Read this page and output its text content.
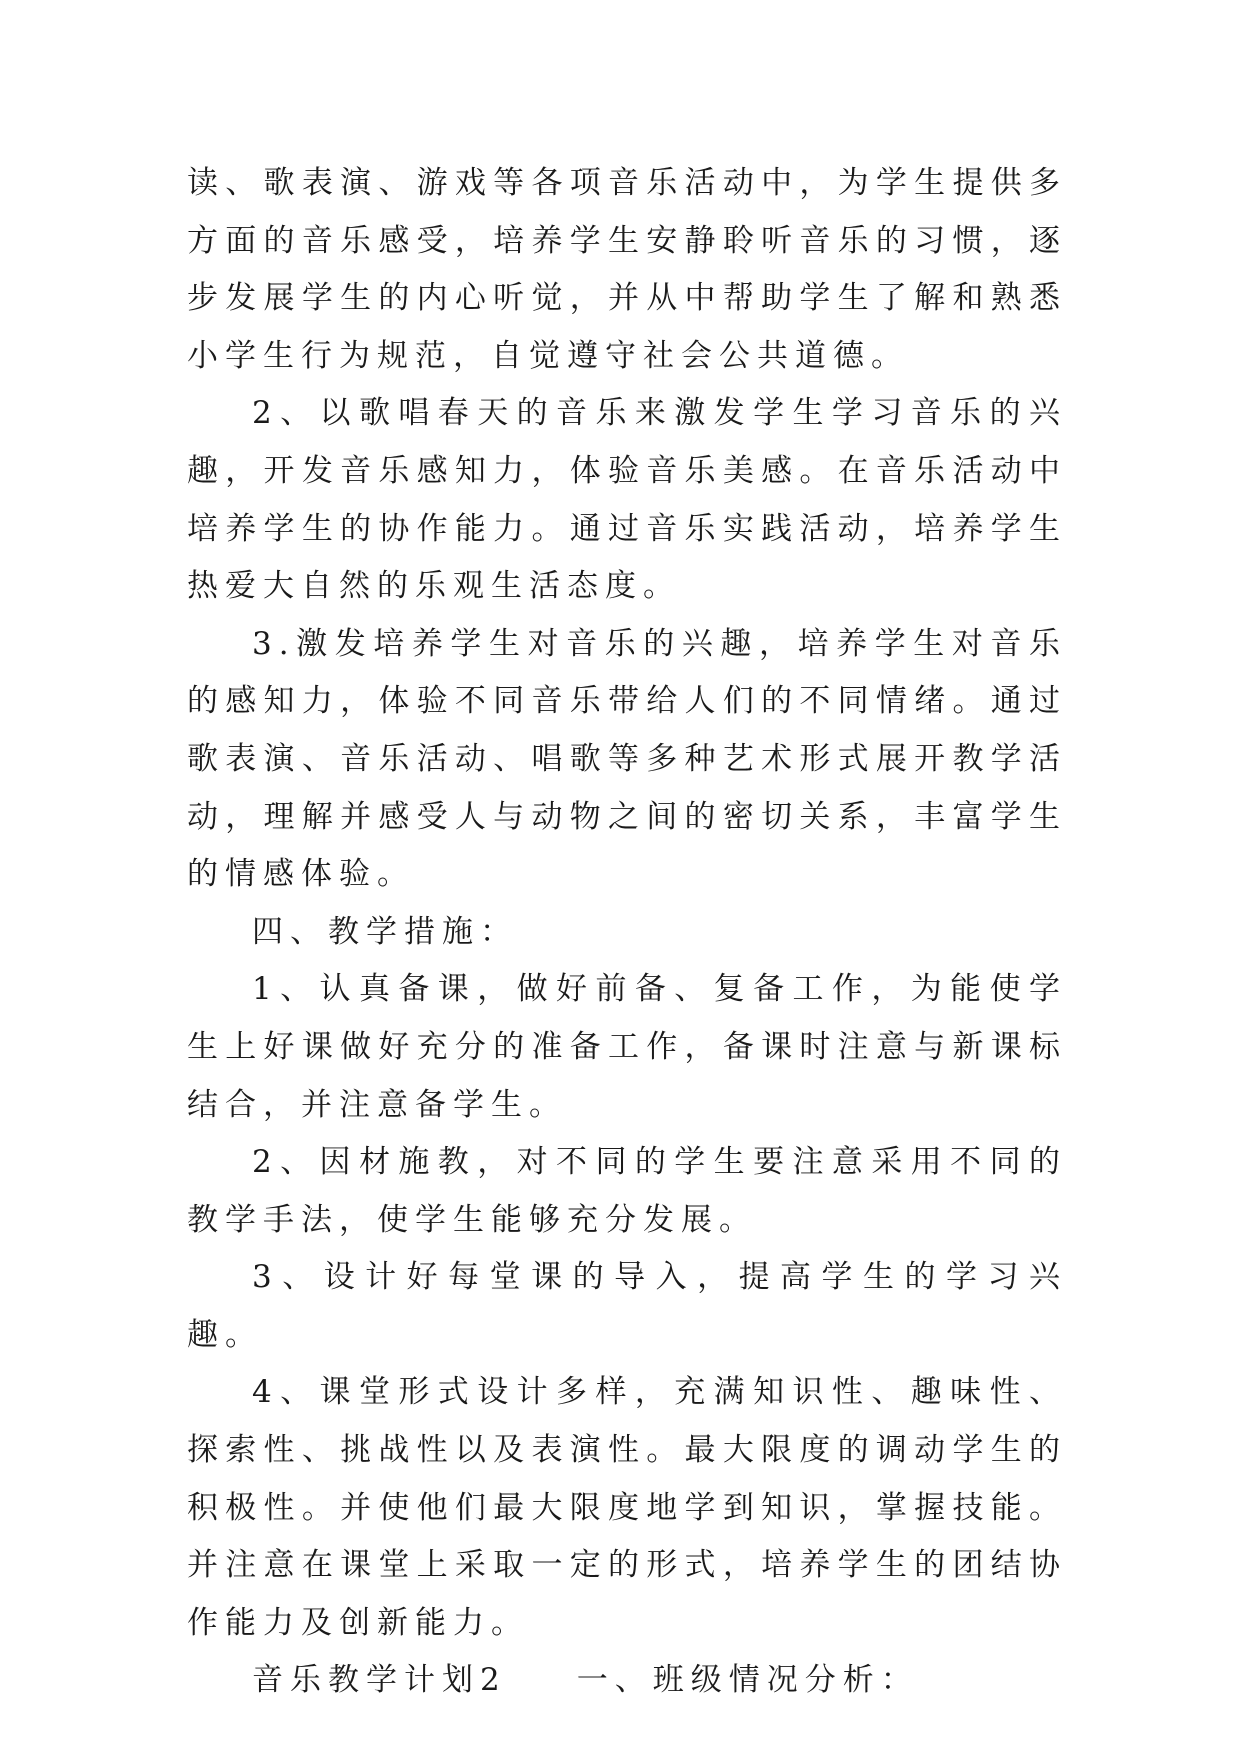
读、歌表演、游戏等各项音乐活动中，为学生提供多方面的音乐感受，培养学生安静聆听音乐的习惯，逐步发展学生的内心听觉，并从中帮助学生了解和熟悉小学生行为规范，自觉遵守社会公共道德。

2、以歌唱春天的音乐来激发学生学习音乐的兴趣，开发音乐感知力，体验音乐美感。在音乐活动中培养学生的协作能力。通过音乐实践活动，培养学生热爱大自然的乐观生活态度。

3.激发培养学生对音乐的兴趣，培养学生对音乐的感知力，体验不同音乐带给人们的不同情绪。通过歌表演、音乐活动、唱歌等多种艺术形式展开教学活动，理解并感受人与动物之间的密切关系，丰富学生的情感体验。

四、教学措施：

1、认真备课，做好前备、复备工作，为能使学生上好课做好充分的准备工作，备课时注意与新课标结合，并注意备学生。

2、因材施教，对不同的学生要注意采用不同的教学手法，使学生能够充分发展。

3、设计好每堂课的导入，提高学生的学习兴趣。

4、课堂形式设计多样，充满知识性、趣味性、探索性、挑战性以及表演性。最大限度的调动学生的积极性。并使他们最大限度地学到知识，掌握技能。并注意在课堂上采取一定的形式，培养学生的团结协作能力及创新能力。

音乐教学计划2 一、班级情况分析：
